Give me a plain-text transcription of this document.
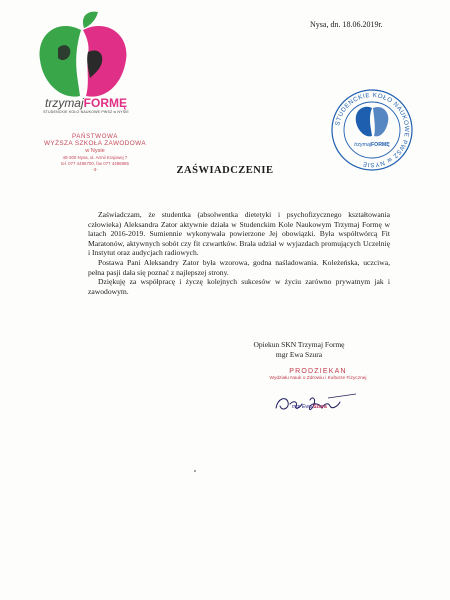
trzymajFORMĘ
STUDENCKIE KOŁO NAUKOWE PWSZ w NYSIE
PAŃSTWOWA
WYŻSZA SZKOŁA ZAWODOWA
w Nysie
48-300 Nysa, ul. Armii Krajowej 7
tel. 077 4486700, fax 077 4486985
-3-
Nysa, dn. 18.06.2019r.
STUDENCKIE KOŁO NAUKOWE PWSZ w NYSIE
trzymajFORMĘ
ZAŚWIADCZENIE

Zaświadczam, że studentka (absolwentka dietetyki i psychofizycznego kształtowania człowieka) Aleksandra Zator aktywnie działa w Studenckim Kole Naukowym Trzymaj Formę w latach 2016-2019. Sumiennie wykonywała powierzone Jej obowiązki. Była współtwórcą Fit Maratonów, aktywnych sobót czy fit czwartków. Brała udział w wyjazdach promujących Uczelnię i Instytut oraz audycjach radiowych.

Postawa Pani Aleksandry Zator była wzorowa, godna naśladowania. Koleżeńska, uczciwa, pełna pasji dała się poznać z najlepszej strony.

Dziękuję za współpracę i życzę kolejnych sukcesów w życiu zarówno prywatnym jak i zawodowym.

Opiekun SKN Trzymaj Formę
mgr Ewa Szura
PRODZIEKAN
Wydziału Nauk o Zdrowiu i Kulturze Fizycznej
mgr Ewa Szura
